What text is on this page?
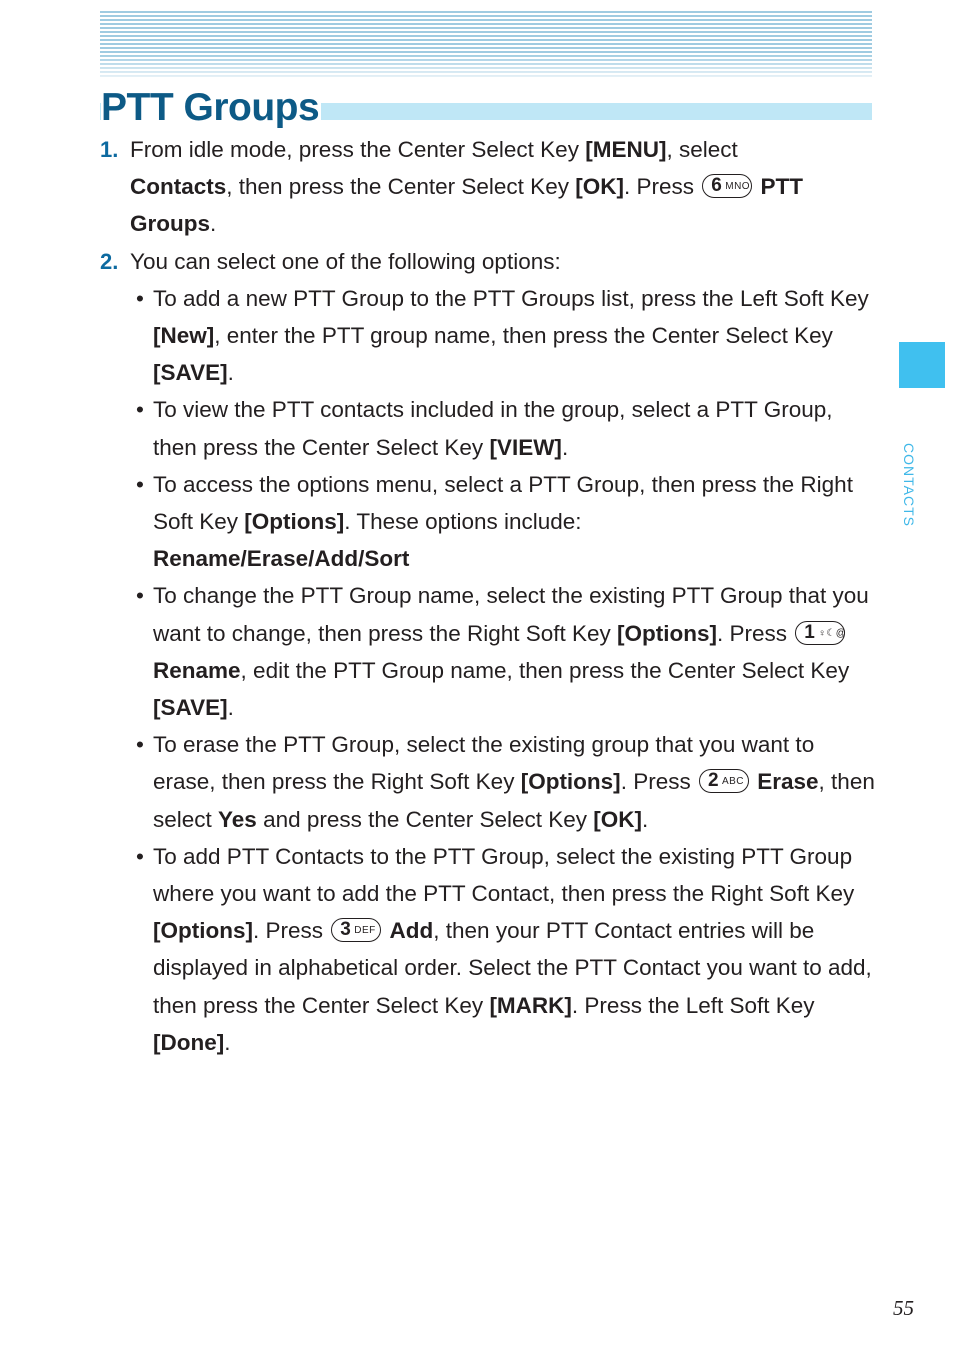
PTT Groups
1. From idle mode, press the Center Select Key [MENU], select
Contacts, then press the Center Select Key [OK]. Press 6 MNO PTT Groups.
2. You can select one of the following options:
• To add a new PTT Group to the PTT Groups list, press the Left Soft Key [New], enter the PTT group name, then press the Center Select Key [SAVE].
• To view the PTT contacts included in the group, select a PTT Group, then press the Center Select Key [VIEW].
• To access the options menu, select a PTT Group, then press the Right Soft Key [Options]. These options include:
Rename/Erase/Add/Sort
• To change the PTT Group name, select the existing PTT Group that you want to change, then press the Right Soft Key [Options]. Press 1 ♀☾@
Rename, edit the PTT Group name, then press the Center Select Key [SAVE].
• To erase the PTT Group, select the existing group that you want to erase, then press the Right Soft Key [Options]. Press 2 ABC Erase, then select Yes and press the Center Select Key [OK].
• To add PTT Contacts to the PTT Group, select the existing PTT Group where you want to add the PTT Contact, then press the Right Soft Key [Options]. Press 3 DEF Add, then your PTT Contact entries will be displayed in alphabetical order. Select the PTT Contact you want to add, then press the Center Select Key [MARK]. Press the Left Soft Key [Done].
CONTACTS
55
